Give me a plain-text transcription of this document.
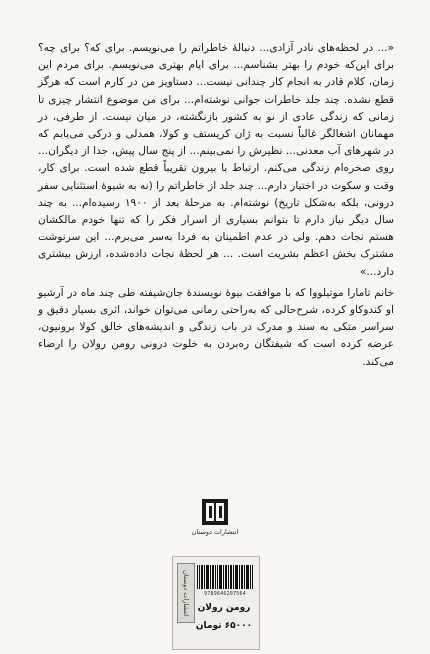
«... در لحظه‌های نادر آزادی... دنبالهٔ خاطراتم را می‌نویسم. برای که؟ برای چه؟ برای این‌که خودم را بهتر بشناسم... برای ایام بهتری می‌نویسم. برای مردم این زمان، کلام قادر به انجام کار چندانی نیست... دستاویز من در کارم است که هرگز قطع نشده. چند جلد خاطرات جوانی نوشته‌ام... برای من موضوع انتشار چیزی تا زمانی که زندگی عادی از نو به کشور بازنگشته، در میان نیست. از طرفی، در مهمانان اشغالگر غالباً نسبت به ژان کریستف و کولا، همدلی و درکی می‌یابم که در شهرهای آب معدنی... نظیرش را نمی‌بینم... از پنج سال پیش، جدا از دیگران... روی صخره‌ام زندگی می‌کنم. ارتباط با بیرون تقریباً قطع شده است. برای کار، وقت و سکوت در اختیار دارم... چند جلد از خاطراتم را (نه به شیوهٔ استثنایی سفر درونی، بلکه به‌شکل تاریخ) نوشته‌ام. به مرحلهٔ بعد از ۱۹۰۰ رسیده‌ام... به چند سال دیگر نیاز دارم تا بتوانم بسیاری از اسرار فکر را که تنها خودم مالکشان هستم نجات دهم. ولی در عدم اطمینان به فردا به‌سر می‌برم... این سرنوشت مشترک بخش اعظم بشریت است. ... هر لحظهٔ نجات داده‌شده، ارزش بیشتری دارد...»

خانم تامارا موتیلووا که با موافقت بیوهٔ نویسندهٔ جان‌شیفته طی چند ماه در آرشیو او کندوکاو کرده، شرح‌حالی که به‌راحتی رمانی می‌توان خواند، اثری بسیار دقیق و سراسر متکی به سند و مدرک در باب زندگی و اندیشه‌های خالق کولا برونیون، عرضه کرده است که شیفتگان ره‌بردن به خلوت درونی رومن رولان را ارضاء می‌کند.

انتشارات دوستان
انتشارات دوستان	9789646207564
رومن رولان
۶۵۰۰۰ تومان
